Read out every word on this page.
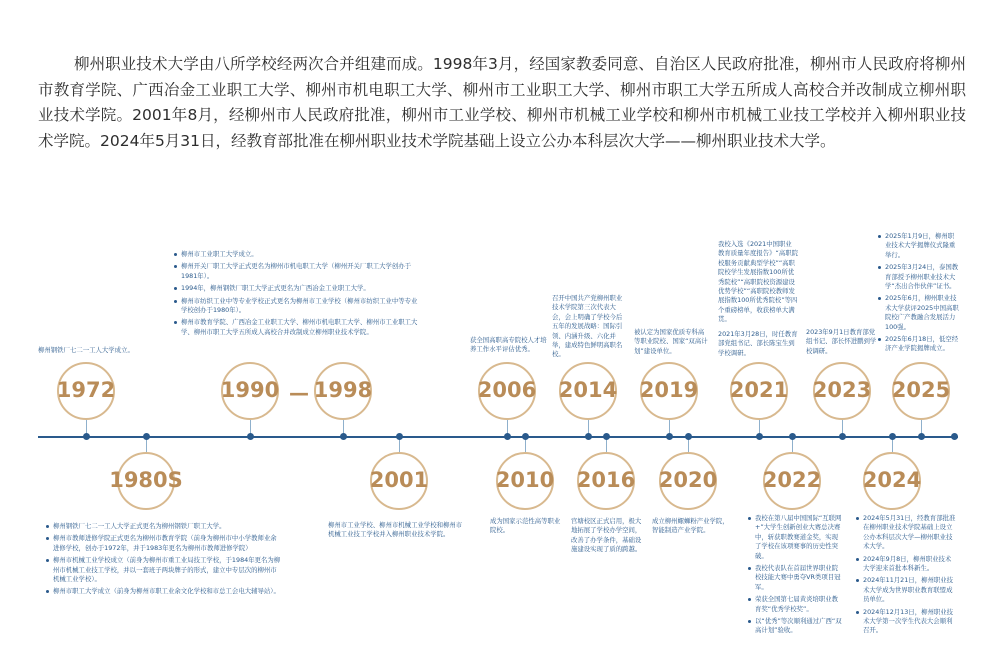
柳州职业技术大学由八所学校经两次合并组建而成。1998年3月，经国家教委同意、自治区人民政府批准，柳州市人民政府将柳州市教育学院、广西冶金工业职工大学、柳州市机电职工大学、柳州市工业职工大学、柳州市职工大学五所成人高校合并改制成立柳州职业技术学院。2001年8月，经柳州市人民政府批准，柳州市工业学校、柳州市机械工业学校和柳州市机械工业技工学校并入柳州职业技术学院。2024年5月31日，经教育部批准在柳州职业技术学院基础上设立公办本科层次大学——柳州职业技术大学。

1972	1990 — 1998	2006	2014	2019	2021	2023 2025
1980S	2001	2010	2016	2020	2022	2024
柳州钢铁厂七二一工人大学成立。
柳州市工业职工大学成立。
柳州开关厂职工大学正式更名为柳州市机电职工大学（柳州开关厂职工大学创办于1981年）。
1994年，柳州钢铁厂职工大学正式更名为广西冶金工业职工大学。
柳州市纺织工业中等专业学校正式更名为柳州市工业学校（柳州市纺织工业中等专业学校创办于1980年）。
柳州市教育学院、广西冶金工业职工大学、柳州市机电职工大学、柳州市工业职工大学、柳州市职工大学五所成人高校合并改制成立柳州职业技术学院。
获全国高职高专院校人才培养工作水平评估优秀。
召开中国共产党柳州职业技术学院第三次代表大会，会上明确了学校今后五年的发展战略：国际引领、内涵升级、六化并举，建成特色鲜明高职名校。
被认定为国家优质专科高等职业院校、国家“双高计划”建设单位。
我校入选《2021中国职业教育质量年度报告》“高职院校服务贡献典型学校”“高职院校学生发展指数100所优秀院校”“高职院校资源建设优势学校”“高职院校教师发展指数100所优秀院校”等四个重磅榜单，收获榜单大满贯。
2021年3月28日，时任教育部党组书记、部长陈宝生到学校调研。
2023年9月1日教育部党组书记、部长怀进鹏到学校调研。
2025年1月9日，柳州职业技术大学揭牌仪式隆重举行。
2025年3月24日，泰国教育部授予柳州职业技术大学“杰出合作伙伴”证书。
2025年6月，柳州职业技术大学获评2025中国高职院校广产教融合发展活力100强。
2025年6月18日，低空经济产业学院揭牌成立。
柳州钢铁厂七二一工人大学正式更名为柳州钢铁厂职工大学。
柳州市教师进修学院正式更名为柳州市教育学院（前身为柳州市中小学教师业余进修学校，创办于1972年，并于1983年更名为柳州市教师进修学院）
柳州市机械工业学校成立（前身为柳州市重工业局技工学校，于1984年更名为柳州市机械工业技工学校，并以一套班子两块牌子的形式，建立中专层次的柳州市机械工业学校）。
柳州市职工大学成立（前身为柳州市职工业余文化学校和市总工会电大辅导站）。
柳州市工业学校、柳州市机械工业学校和柳州市机械工业技工学校并入柳州职业技术学院。
成为国家示范性高等职业院校。
官塘校区正式启用，极大地拓展了学校办学空间，改善了办学条件，基础设施建设实现了质的跨越。
成立柳州螺蛳粉产业学院，智能制造产业学院。
我校在第八届中国国际“互联网+”大学生创新创业大赛总决赛中，斩获职教赛道金奖，实现了学校在该项赛事的历史性突破。
我校代表队在首届世界职业院校技能大赛中勇夺VR类项目冠军。
荣获全国第七届黄炎培职业教育奖“优秀学校奖”。
以“优秀”等次顺利通过广西“双高计划”验收。
2024年5月31日，经教育部批准在柳州职业技术学院基础上设立公办本科层次大学—柳州职业技术大学。
2024年9月8日，柳州职业技术大学迎来首批本科新生。
2024年11月21日，柳州职业技术大学成为世界职业教育联盟成员单位。
2024年12月13日，柳州职业技术大学第一次学生代表大会顺利召开。
